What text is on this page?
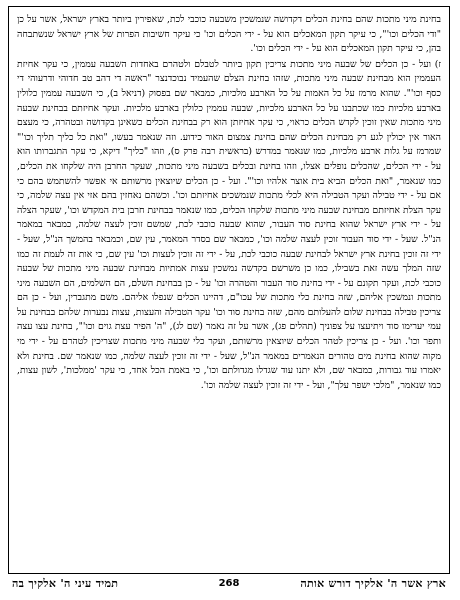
בחינת מיני מתכות שהם בחינת הכלים דקדושה שנמשכין משבעה כוכבי לכת, שאפירין ביותר בארץ ישראל, אשר על כן "ודי הכלים וכו'", כי עיקר תקון המאכלים הוא על - ידי הכלים וכו' כי עיקר חשיבות הפרות של ארץ ישראל שנשתבחה בהן, כי עיקר תקון המאכלים הוא על - ידי הכלים וכו'.

ז) ועל - כן הכלים של שבעה מיני מתכות צריכין תקון ביותר לטבלם ולטהרם באחדות השבעה עממין, כי עקר אחיזת העממין הוא מבחינת שבעה מיני מתכות, שזהו בחינת הצלם שהעמיד נבוכדנצר "ראשה די דהב טב חדוהי ודרעוהי די כסף וכו'". שהוא מרמז על כל האמות על כל הארבע מלכיות, כמבאר שם בפסוק (דניאל ב), כי השבעה עממין כלולין בארבע מלכיות כמו שכתבנו על כל הארבע מלכיות, שבעה עממין כלולין בארבע מלכיות. ועקר אחיזתם בבחינת שבעה מיני מתכות שאין זוכין לקדש הכלים כראוי, כי עקר אחיזתן הוא רק בבחינת הכלים כשאינן בקדושה ובטהרה, כי מעצם האור אין יכולין לגע רק מבחינת הכלים שהם בחינת צמצום האור כידוע. וזה שנאמר בעשו, "ואת כל כליך תליך וכו'" שמרמז על גלות ארבע מלכיות, כמו שנאמר במדרש (בראשית רבה פרק ס), וזהו "כליך" דיקא, כי עקר התגברותו הוא על - ידי הכלים, שהכלים נופלים אצלו, וזהו בחינת ובכלים בשבעה מיני מתכות, שעקר החרבן היה שלקחו את הכלים, כמו שנאמר, "ואת הכלים הביא בית אוצר אלהיו וכו'". ועל - כן הכלים שיוצאין מרשותם אי אפשר להשתמש בהם כי אם על - ידי טבילה ועקר הטבילה היא לכלי מתכות שנמשכים אחיזתם וכו'. וכשהם נאחזין בהם אזי אין עצה שלמה, כי עקר הצלת אחיזתם מבחינת שבעה מיני מתכות שלקחו הכלים, כמו שנאמר בבחינת חרבן בית המקדש וכו', שעקר הצלה על - ידי ארץ ישראל שהוא בחינת סוד העבור, שהוא שבעה כוכבי לכת, שמשם זוכין לעצה שלמה, כמבאר במאמר הנ"ל. שעל - ידי סוד העבור זוכין לעצה שלמה וכו', כמבאר שם בסדר המאמר, עין שם, וכמבאר בהמשך הנ"ל, שעל - ידי זה זוכין בחינת ארץ ישראל לבחינת שבעה כוכבי לכת, על - ידי זה זוכין לעצות וכו' עין שם, כי אות זה לעמת זה כמו שזה המלך עשה זאת בשבילו, כמו כן משרשם בקדשה נמשכין עצות אמתיות מבחינת שבעה מיני מתכות של שבעה כוכבי לכת, ועקר תקונם על - ידי בחינת סוד העבור והטהרה וכו' על - כן בבחינת השלם, הם השלמים, הם השבעה מיני מתכות ונמשכין אליהם, שזה בחינת כלי מתכות של עכו"ם, דהיינו הכלים שנפלו אליהם. משם מתגברין, ועל - כן הם צריכין טבילה בבחינת שלום להעלותם מהם, שזה בחינת סוד וכו' עקר הטבילה והעצות, עצות נבערות שלהם בבחינת על עמי יערימו סוד ויתיעצו על צפוניך (תהלים פג), אשר על זה נאמר (שם לג), "ה' הפיר עצת גוים וכו'", בחינת עצו עצה ותפר וכו'. ועל - כן צריכין לטהר הכלים שיוצאין מרשותם, ועקר כלי שבעה מיני מתכות שצריכין לטהרם על - ידי מי מקוה שהוא בחינת מים טהורים הנאמרים במאמר הנ"ל, שעל - ידי זה זוכין לעצה שלמה, כמו שנאמר שם. בחינת ולא יאמרו עוד גבורות, כמבאר שם, ולא יתנו עוד שגדלו מגדולתם וכו', כי באמת הכל אחד, כי עקר 'ממלכות', לשון עצות, כמו שנאמר, "מלכי ישפר עלך", ועל - ידי זה זוכין לעצה שלמה וכו'.

ארץ אשר ה' אלקיך דורש אותה
268
תמיד עיני ה' אלקיך בה
